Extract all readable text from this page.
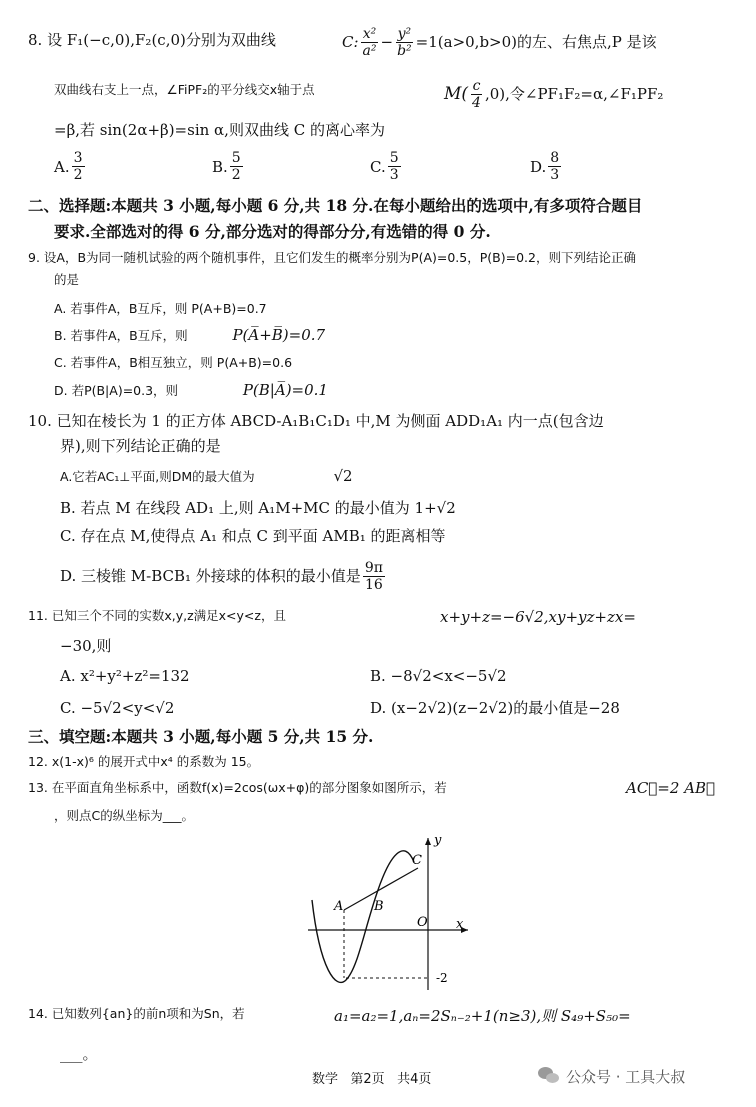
8. 设 F₁(−c,0),F₂(c,0)分别为双曲线	C: $\frac{\text{x²}}{\text{a²}} - \frac{\text{y²}}{\text{b²}} =1(a>0,b>0)$的左、右焦点,P 是该
双曲线右支上一点，∠FiPF₂的平分线交x轴于点	$M( \frac{c}{4} ,0)$,令∠PF₁F₂=α,∠F₁PF₂
=β,若 sin(2α+β)=sin α,则双曲线 C 的离心率为
A. $\frac{3}{2}$	B. $\frac{5}{2}$	C. $\frac{5}{3}$	D. $\frac{8}{3}$
二、选择题:本题共 3 小题,每小题 6 分,共 18 分.在每小题给出的选项中,有多项符合题目
要求.全部选对的得 6 分,部分选对的得部分分,有选错的得 0 分.
9. 设A，B为同一随机试验的两个随机事件，且它们发生的概率分别为P(A)=0.5，P(B)=0.2，则下列结论正确
的是
A. 若事件A，B互斥，则 P(A+B)=0.7
B. 若事件A，B互斥，则	P(A̅+B̅)=0.7
C. 若事件A，B相互独立，则 P(A+B)=0.6
D. 若P(B|A)=0.3，则	P(B|A̅)=0.1
10. 已知在棱长为 1 的正方体 ABCD-A₁B₁C₁D₁ 中,M 为侧面 ADD₁A₁ 内一点(包含边
界),则下列结论正确的是
A.它若AC₁⊥平面,则DM的最大值为	√2
B. 若点 M 在线段 AD₁ 上,则 A₁M+MC 的最小值为 1+√2
C. 存在点 M,使得点 A₁ 和点 C 到平面 AMB₁ 的距离相等
D. 三棱锥 M-BCB₁ 外接球的体积的最小值是 $\frac{9\pi}{16}$
11. 已知三个不同的实数x,y,z满足x<y<z，且	x+y+z=−6√2,xy+yz+zx=
−30,则
A. x²+y²+z²=132	B. −8√2<x<−5√2
C. −5√2<y<√2	D. (x−2√2)(z−2√2)的最小值是−28
三、填空题:本题共 3 小题,每小题 5 分,共 15 分.
12. x(1-x)⁶ 的展开式中x⁴ 的系数为 15。
13. 在平面直角坐标系中，函数f(x)=2cos(ωx+φ)的部分图象如图所示，若	AC⃗=2 AB⃗
，则点C的纵坐标为___。
y
x
O
A B
C
-2
14. 已知数列{an}的前n项和为Sn，若	a₁=a₂=1,aₙ=2Sₙ₋₂+1(n≥3),则 S₄₉+S₅₀=
___。
数学   第2页   共4页	公众号 · 工具大叔
